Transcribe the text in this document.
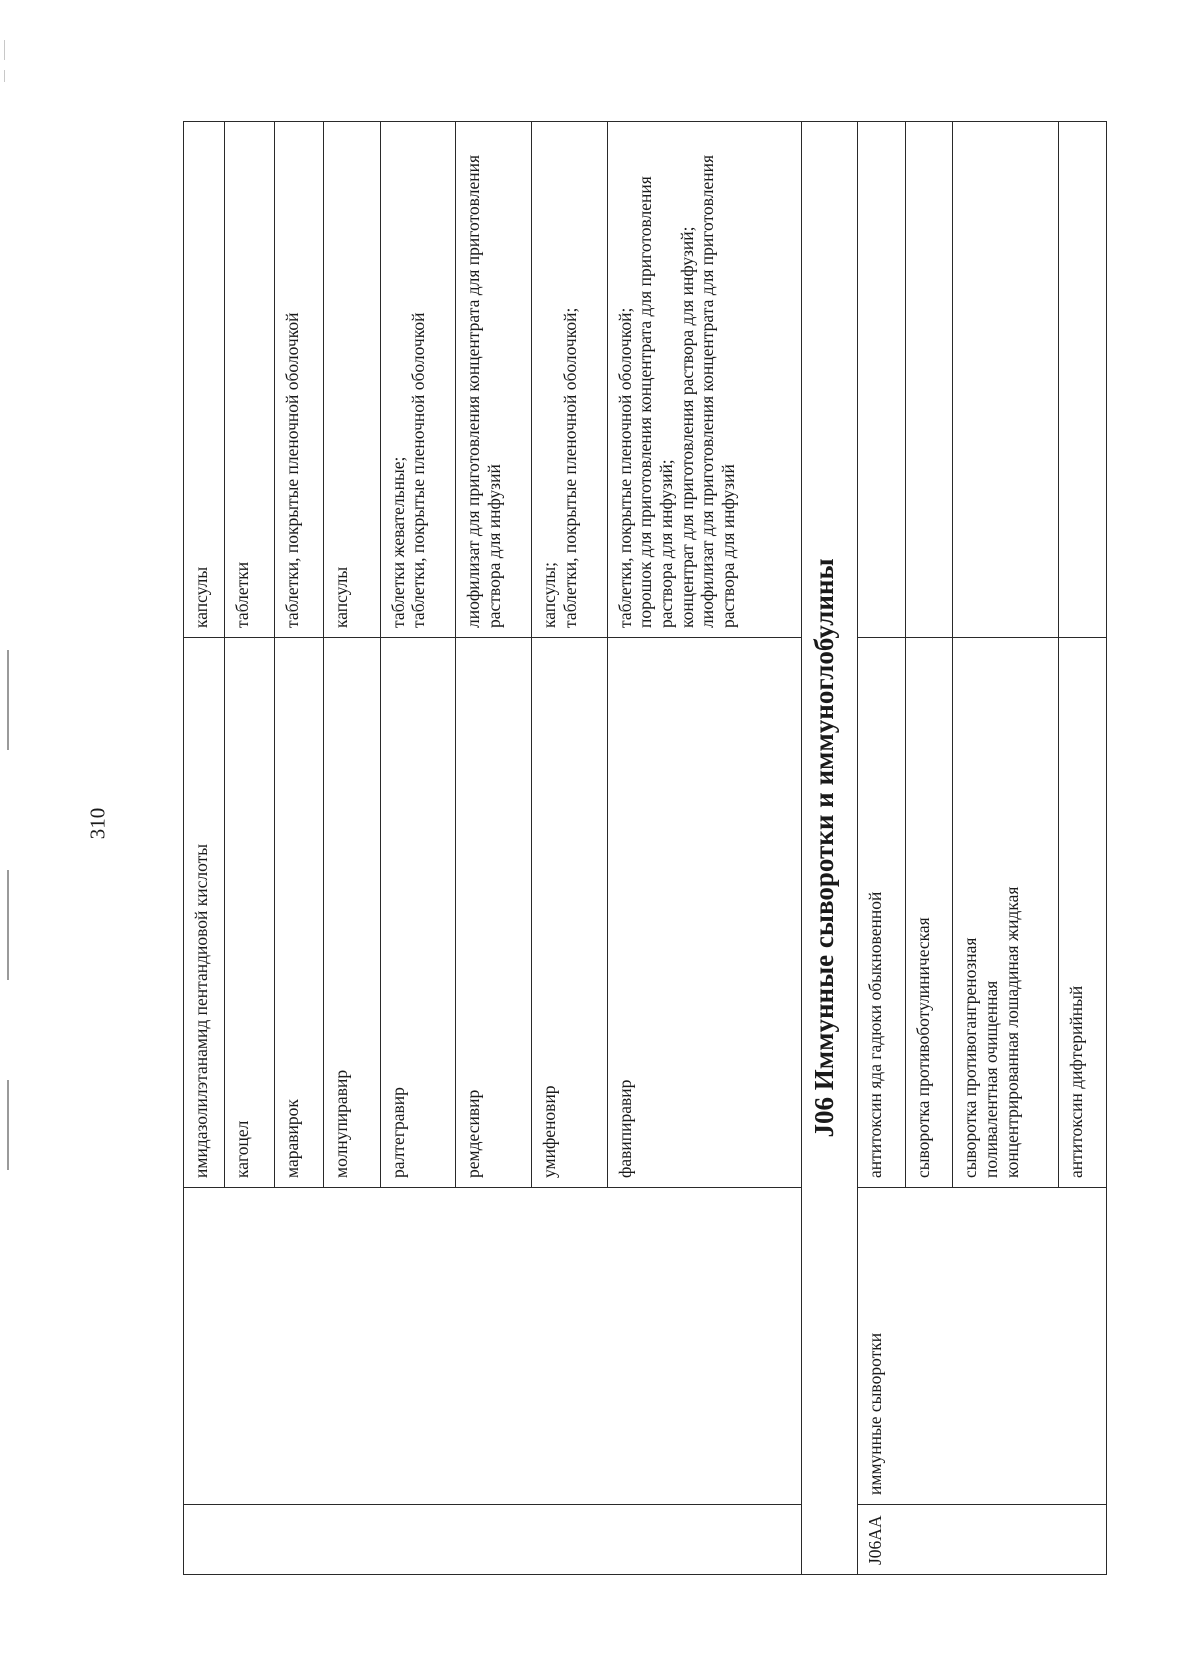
310
		имидазолилэтанамид пентандиовой кислоты	капсулы
		кагоцел	таблетки
		маравирок	таблетки, покрытые пленочной оболочкой
		молнупиравир	капсулы
		ралтегравир	таблетки жевательные;
таблетки, покрытые пленочной оболочкой
		ремдесивир	лиофилизат для приготовления концентрата для приготовления раствора для инфузий
		умифеновир	капсулы;
таблетки, покрытые пленочной оболочкой;
		фавипиравир	таблетки, покрытые пленочной оболочкой;
порошок для приготовления концентрата для приготовления раствора для инфузий;
концентрат для приготовления раствора для инфузий;
лиофилизат для приготовления концентрата для приготовления раствора для инфузий
J06 Иммунные сыворотки и иммуноглобулины			
J06AA	иммунные сыворотки	антитоксин яда гадюки обыкновенной	
		сыворотка противоботулиническая	
		сыворотка противогангренозная
поливалентная очищенная
концентрированная лошадиная жидкая	
		антитоксин дифтерийный	
